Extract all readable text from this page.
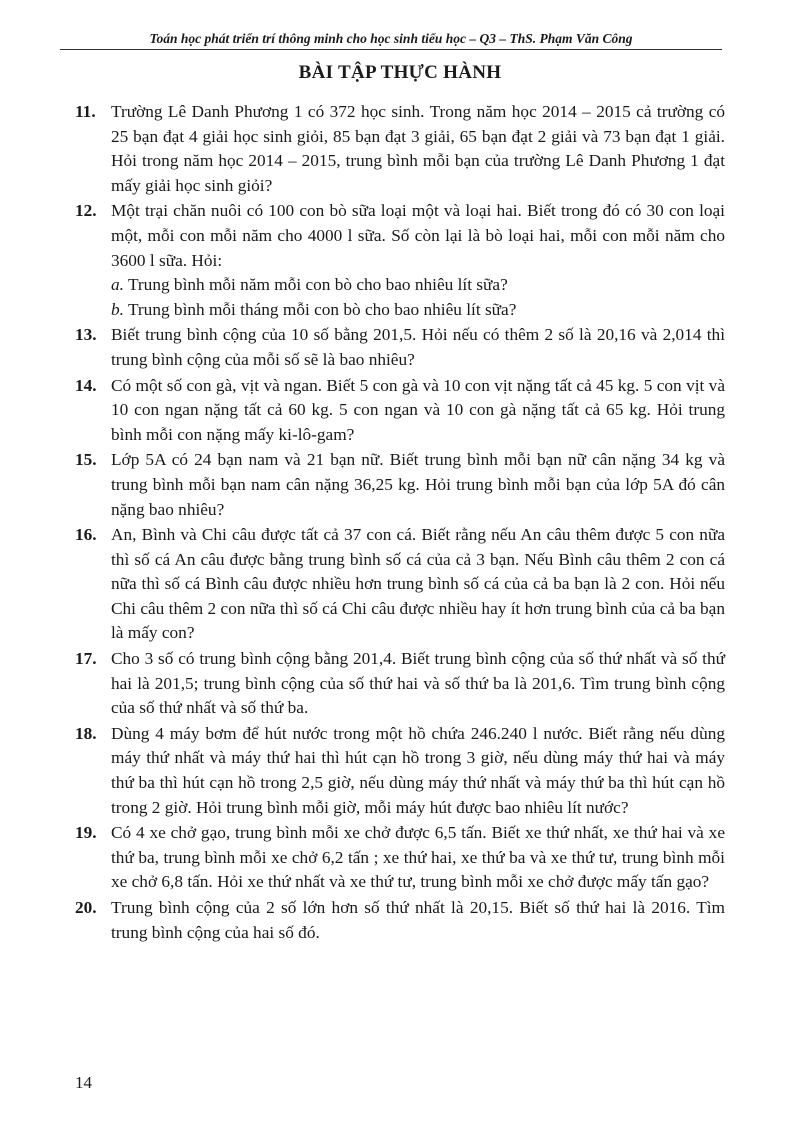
Toán học phát triển trí thông minh cho học sinh tiểu học – Q3 – ThS. Phạm Văn Công
BÀI TẬP THỰC HÀNH
11. Trường Lê Danh Phương 1 có 372 học sinh. Trong năm học 2014 – 2015 cả trường có 25 bạn đạt 4 giải học sinh giỏi, 85 bạn đạt 3 giải, 65 bạn đạt 2 giải và 73 bạn đạt 1 giải. Hỏi trong năm học 2014 – 2015, trung bình mỗi bạn của trường Lê Danh Phương 1 đạt mấy giải học sinh giỏi?
12. Một trại chăn nuôi có 100 con bò sữa loại một và loại hai. Biết trong đó có 30 con loại một, mỗi con mỗi năm cho 4000 l sữa. Số còn lại là bò loại hai, mỗi con mỗi năm cho 3600 l sữa. Hỏi:
a. Trung bình mỗi năm mỗi con bò cho bao nhiêu lít sữa?
b. Trung bình mỗi tháng mỗi con bò cho bao nhiêu lít sữa?
13. Biết trung bình cộng của 10 số bằng 201,5. Hỏi nếu có thêm 2 số là 20,16 và 2,014 thì trung bình cộng của mỗi số sẽ là bao nhiêu?
14. Có một số con gà, vịt và ngan. Biết 5 con gà và 10 con vịt nặng tất cả 45 kg. 5 con vịt và 10 con ngan nặng tất cả 60 kg. 5 con ngan và 10 con gà nặng tất cả 65 kg. Hỏi trung bình mỗi con nặng mấy ki-lô-gam?
15. Lớp 5A có 24 bạn nam và 21 bạn nữ. Biết trung bình mỗi bạn nữ cân nặng 34 kg và trung bình mỗi bạn nam cân nặng 36,25 kg. Hỏi trung bình mỗi bạn của lớp 5A đó cân nặng bao nhiêu?
16. An, Bình và Chi câu được tất cả 37 con cá. Biết rằng nếu An câu thêm được 5 con nữa thì số cá An câu được bằng trung bình số cá của cả 3 bạn. Nếu Bình câu thêm 2 con cá nữa thì số cá Bình câu được nhiều hơn trung bình số cá của cả ba bạn là 2 con. Hỏi nếu Chi câu thêm 2 con nữa thì số cá Chi câu được nhiều hay ít hơn trung bình của cả ba bạn là mấy con?
17. Cho 3 số có trung bình cộng bằng 201,4. Biết trung bình cộng của số thứ nhất và số thứ hai là 201,5; trung bình cộng của số thứ hai và số thứ ba là 201,6. Tìm trung bình cộng của số thứ nhất và số thứ ba.
18. Dùng 4 máy bơm để hút nước trong một hồ chứa 246.240 l nước. Biết rằng nếu dùng máy thứ nhất và máy thứ hai thì hút cạn hồ trong 3 giờ, nếu dùng máy thứ hai và máy thứ ba thì hút cạn hồ trong 2,5 giờ, nếu dùng máy thứ nhất và máy thứ ba thì hút cạn hồ trong 2 giờ. Hỏi trung bình mỗi giờ, mỗi máy hút được bao nhiêu lít nước?
19. Có 4 xe chở gạo, trung bình mỗi xe chở được 6,5 tấn. Biết xe thứ nhất, xe thứ hai và xe thứ ba, trung bình mỗi xe chở 6,2 tấn ; xe thứ hai, xe thứ ba và xe thứ tư, trung bình mỗi xe chở 6,8 tấn. Hỏi xe thứ nhất và xe thứ tư, trung bình mỗi xe chở được mấy tấn gạo?
20. Trung bình cộng của 2 số lớn hơn số thứ nhất là 20,15. Biết số thứ hai là 2016. Tìm trung bình cộng của hai số đó.
14
